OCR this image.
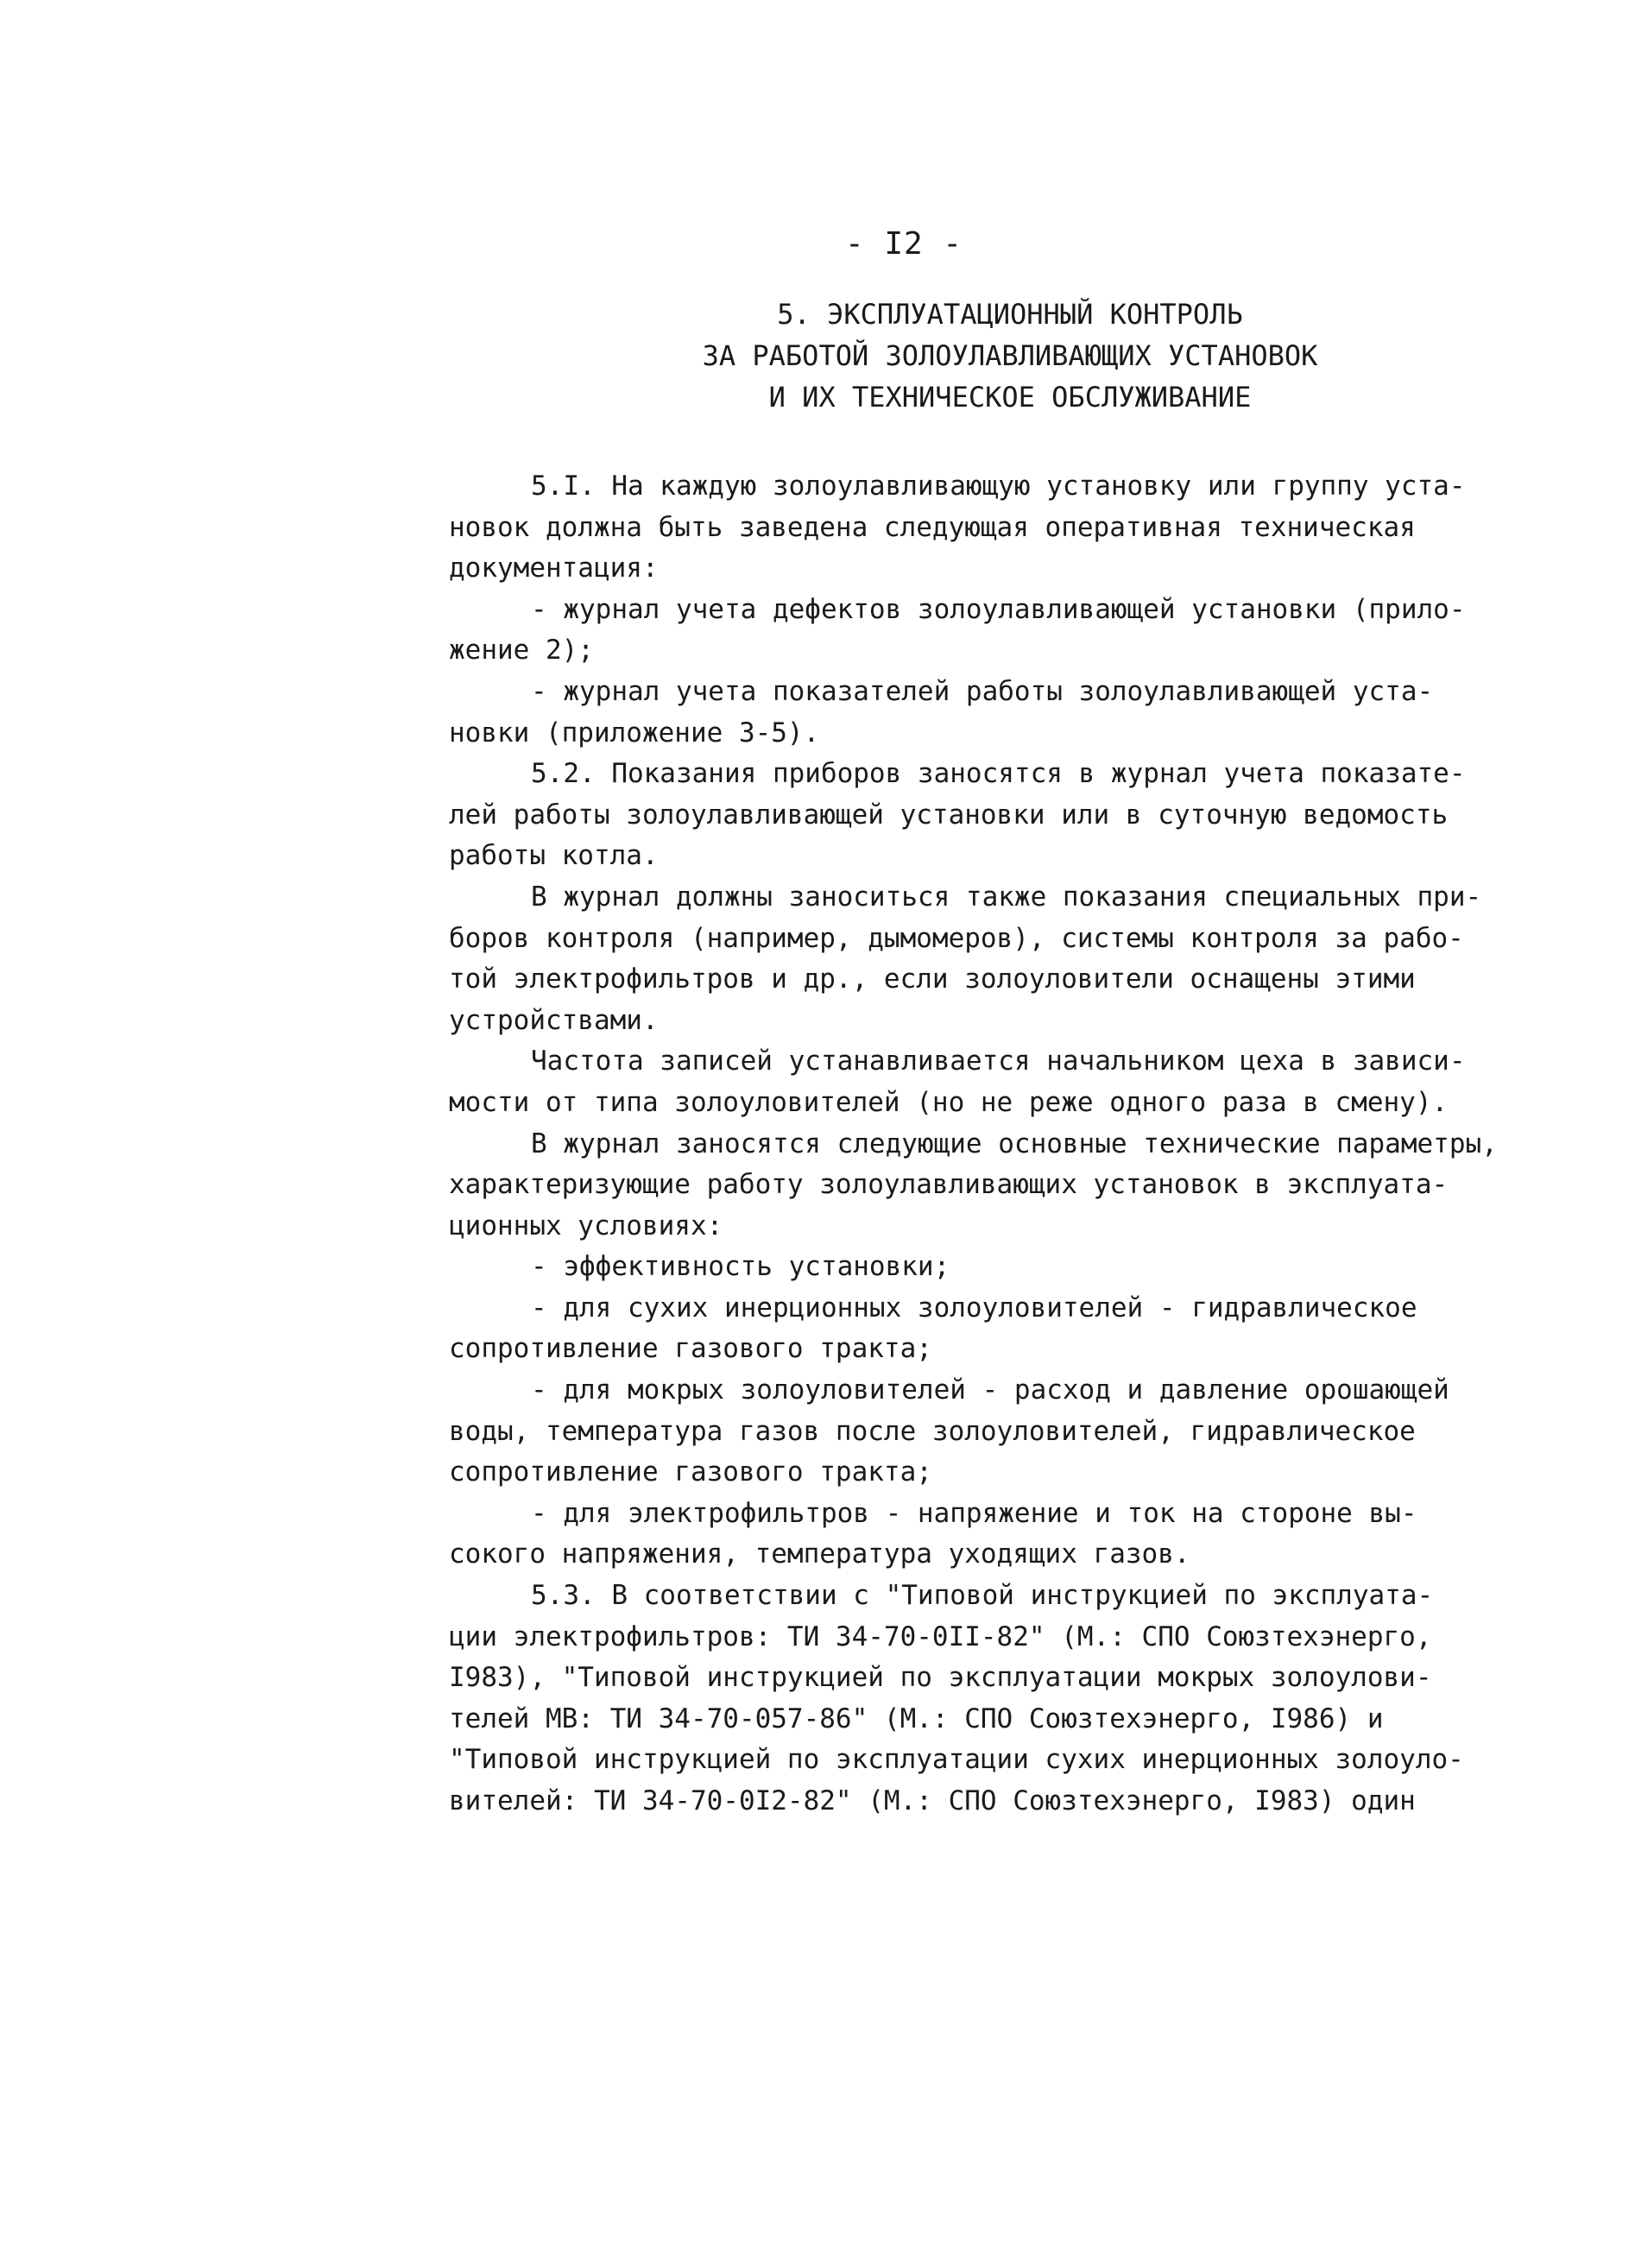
- I2 -
5. ЭКСПЛУАТАЦИОННЫЙ КОНТРОЛЬ
ЗА РАБОТОЙ ЗОЛОУЛАВЛИВАЮЩИХ УСТАНОВОК
И ИХ ТЕХНИЧЕСКОЕ ОБСЛУЖИВАНИЕ
5.I. На каждую золоулавливающую установку или группу уста-
новок должна быть заведена следующая оперативная техническая
документация:
- журнал учета дефектов золоулавливающей установки (прило-
жение 2);
- журнал учета показателей работы золоулавливающей уста-
новки (приложение 3-5).
5.2. Показания приборов заносятся в журнал учета показате-
лей работы золоулавливающей установки или в суточную ведомость
работы котла.
В журнал должны заноситься также показания специальных при-
боров контроля (например, дымомеров), системы контроля за рабо-
той электрофильтров и др., если золоуловители оснащены этими
устройствами.
Частота записей устанавливается начальником цеха в зависи-
мости от типа золоуловителей (но не реже одного раза в смену).
В журнал заносятся следующие основные технические параметры,
характеризующие работу золоулавливающих установок в эксплуата-
ционных условиях:
- эффективность установки;
- для сухих инерционных золоуловителей - гидравлическое
сопротивление газового тракта;
- для мокрых золоуловителей - расход и давление орошающей
воды, температура газов после золоуловителей, гидравлическое
сопротивление газового тракта;
- для электрофильтров - напряжение и ток на стороне вы-
сокого напряжения, температура уходящих газов.
5.3. В соответствии с "Типовой инструкцией по эксплуата-
ции электрофильтров: ТИ 34-70-0II-82" (М.: СПО Союзтехэнерго,
I983), "Типовой инструкцией по эксплуатации мокрых золоулови-
телей МВ: ТИ 34-70-057-86" (М.: СПО Союзтехэнерго, I986) и
"Типовой инструкцией по эксплуатации сухих инерционных золоуло-
вителей: ТИ 34-70-0I2-82" (М.: СПО Союзтехэнерго, I983) один
